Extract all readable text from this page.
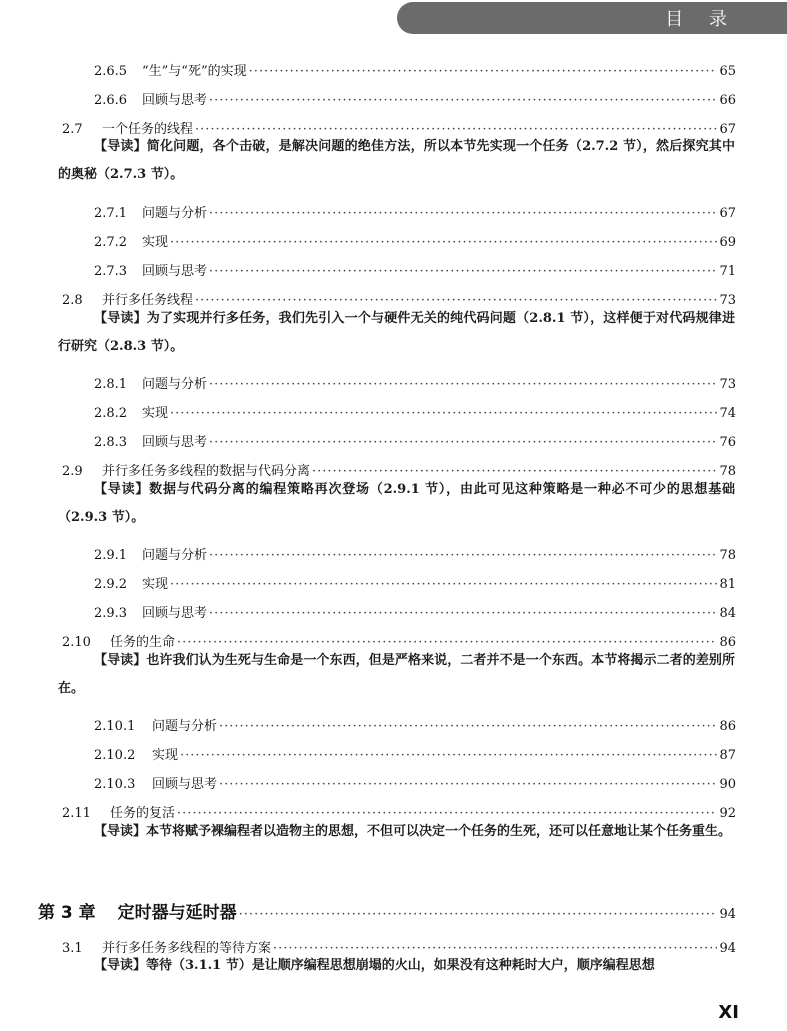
目 录
2.6.5	“生”与“死”的实现 ·····	65
2.6.6	回顾与思考 ·····	66
2.7	一个任务的线程 ·····	67

【导读】简化问题，各个击破，是解决问题的绝佳方法，所以本节先实现一个任务（2.7.2 节），然后探究其中的奥秘（2.7.3 节）。

2.7.1	问题与分析 ·····	67
2.7.2	实现 ·····	69
2.7.3	回顾与思考 ·····	71
2.8	并行多任务线程 ·····	73

【导读】为了实现并行多任务，我们先引入一个与硬件无关的纯代码问题（2.8.1 节），这样便于对代码规律进行研究（2.8.3 节）。

2.8.1	问题与分析 ·····	73
2.8.2	实现 ·····	74
2.8.3	回顾与思考 ·····	76
2.9	并行多任务多线程的数据与代码分离 ·····	78

【导读】数据与代码分离的编程策略再次登场（2.9.1 节），由此可见这种策略是一种必不可少的思想基础（2.9.3 节）。

2.9.1	问题与分析 ·····	78
2.9.2	实现 ·····	81
2.9.3	回顾与思考 ·····	84
2.10	任务的生命 ·····	86

【导读】也许我们认为生死与生命是一个东西，但是严格来说，二者并不是一个东西。本节将揭示二者的差别所在。

2.10.1	问题与分析 ·····	86
2.10.2	实现 ·····	87
2.10.3	回顾与思考 ·····	90
2.11	任务的复活 ·····	92

【导读】本节将赋予裸编程者以造物主的思想，不但可以决定一个任务的生死，还可以任意地让某个任务重生。

第 3 章 定时器与延时器 ·····	94
3.1	并行多任务多线程的等待方案 ·····	94

【导读】等待（3.1.1 节）是让顺序编程思想崩塌的火山，如果没有这种耗时大户，顺序编程思想

XI
